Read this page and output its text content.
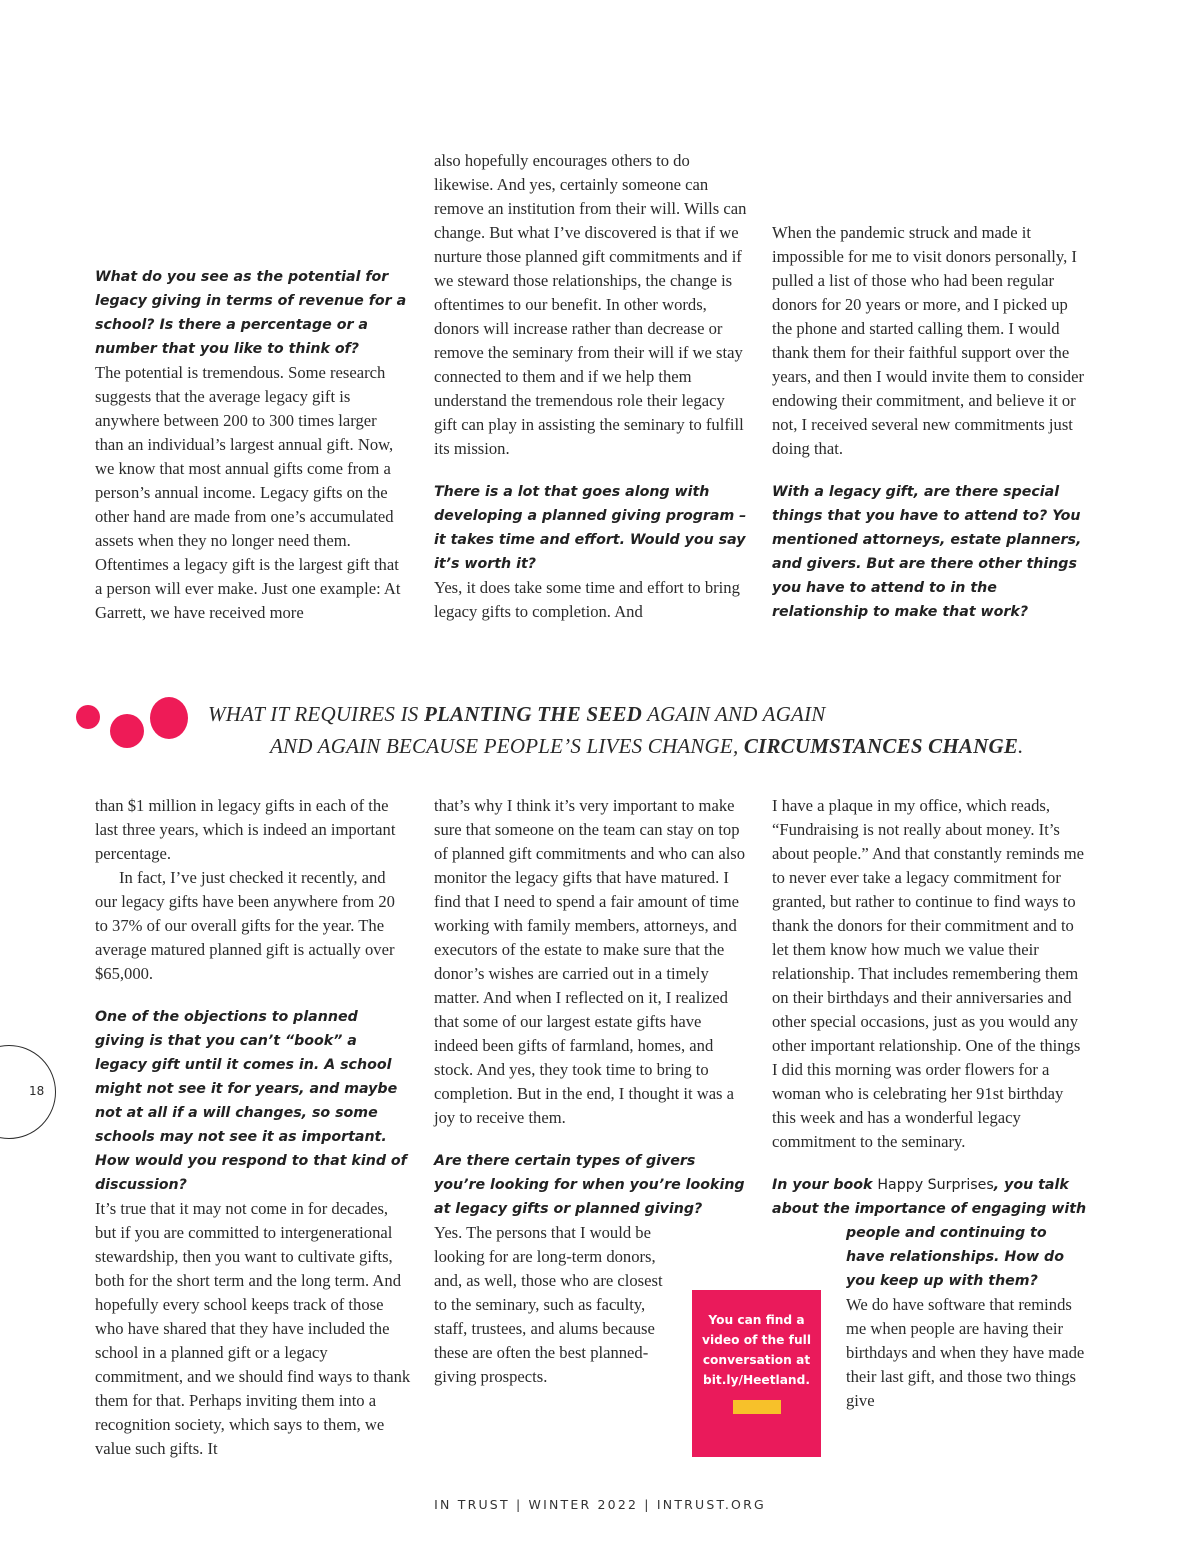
What do you see as the potential for legacy giving in terms of revenue for a school? Is there a percentage or a number that you like to think of?

The potential is tremendous. Some research suggests that the average legacy gift is anywhere between 200 to 300 times larger than an individual’s largest annual gift. Now, we know that most annual gifts come from a person’s annual income. Legacy gifts on the other hand are made from one’s accumulated assets when they no longer need them. Oftentimes a legacy gift is the largest gift that a person will ever make. Just one example: At Garrett, we have received more

also hopefully encourages others to do likewise. And yes, certainly someone can remove an institution from their will. Wills can change. But what I’ve discovered is that if we nurture those planned gift commitments and if we steward those relationships, the change is oftentimes to our benefit. In other words, donors will increase rather than decrease or remove the seminary from their will if we stay connected to them and if we help them understand the tremendous role their legacy gift can play in assisting the seminary to fulfill its mission.

There is a lot that goes along with developing a planned giving program – it takes time and effort. Would you say it’s worth it?

Yes, it does take some time and effort to bring legacy gifts to completion. And

When the pandemic struck and made it impossible for me to visit donors personally, I pulled a list of those who had been regular donors for 20 years or more, and I picked up the phone and started calling them. I would thank them for their faithful support over the years, and then I would invite them to consider endowing their commitment, and believe it or not, I received several new commitments just doing that.

With a legacy gift, are there special things that you have to attend to? You mentioned attorneys, estate planners, and givers. But are there other things you have to attend to in the relationship to make that work?

WHAT IT REQUIRES IS PLANTING THE SEED AGAIN AND AGAIN
AND AGAIN BECAUSE PEOPLE’S LIVES CHANGE, CIRCUMSTANCES CHANGE.

than $1 million in legacy gifts in each of the last three years, which is indeed an important percentage.

In fact, I’ve just checked it recently, and our legacy gifts have been anywhere from 20 to 37% of our overall gifts for the year. The average matured planned gift is actually over $65,000.

One of the objections to planned giving is that you can’t “book” a legacy gift until it comes in. A school might not see it for years, and maybe not at all if a will changes, so some schools may not see it as important. How would you respond to that kind of discussion?

It’s true that it may not come in for decades, but if you are committed to intergenerational stewardship, then you want to cultivate gifts, both for the short term and the long term. And hopefully every school keeps track of those who have shared that they have included the school in a planned gift or a legacy commitment, and we should find ways to thank them for that. Perhaps inviting them into a recognition society, which says to them, we value such gifts. It

that’s why I think it’s very important to make sure that someone on the team can stay on top of planned gift commitments and who can also monitor the legacy gifts that have matured. I find that I need to spend a fair amount of time working with family members, attorneys, and executors of the estate to make sure that the donor’s wishes are carried out in a timely matter. And when I reflected on it, I realized that some of our largest estate gifts have indeed been gifts of farmland, homes, and stock. And yes, they took time to bring to completion. But in the end, I thought it was a joy to receive them.

Are there certain types of givers you’re looking for when you’re looking at legacy gifts or planned giving?

Yes. The persons that I would be looking for are long-term donors, and, as well, those who are closest to the seminary, such as faculty, staff, trustees, and alums because these are often the best planned-giving prospects.

I have a plaque in my office, which reads, “Fundraising is not really about money. It’s about people.” And that constantly reminds me to never ever take a legacy commitment for granted, but rather to continue to find ways to thank the donors for their commitment and to let them know how much we value their relationship. That includes remembering them on their birthdays and their anniversaries and other special occasions, just as you would any other important relationship. One of the things I did this morning was order flowers for a woman who is celebrating her 91st birthday this week and has a wonderful legacy commitment to the seminary.

In your book Happy Surprises, you talk about the importance of engaging with

people and continuing to have relationships. How do you keep up with them?

We do have software that reminds me when people are having their birthdays and when they have made their last gift, and those two things give

You can find a video of the full conversation at bit.ly/Heetland.
18
IN TRUST | WINTER 2022 | INTRUST.ORG
